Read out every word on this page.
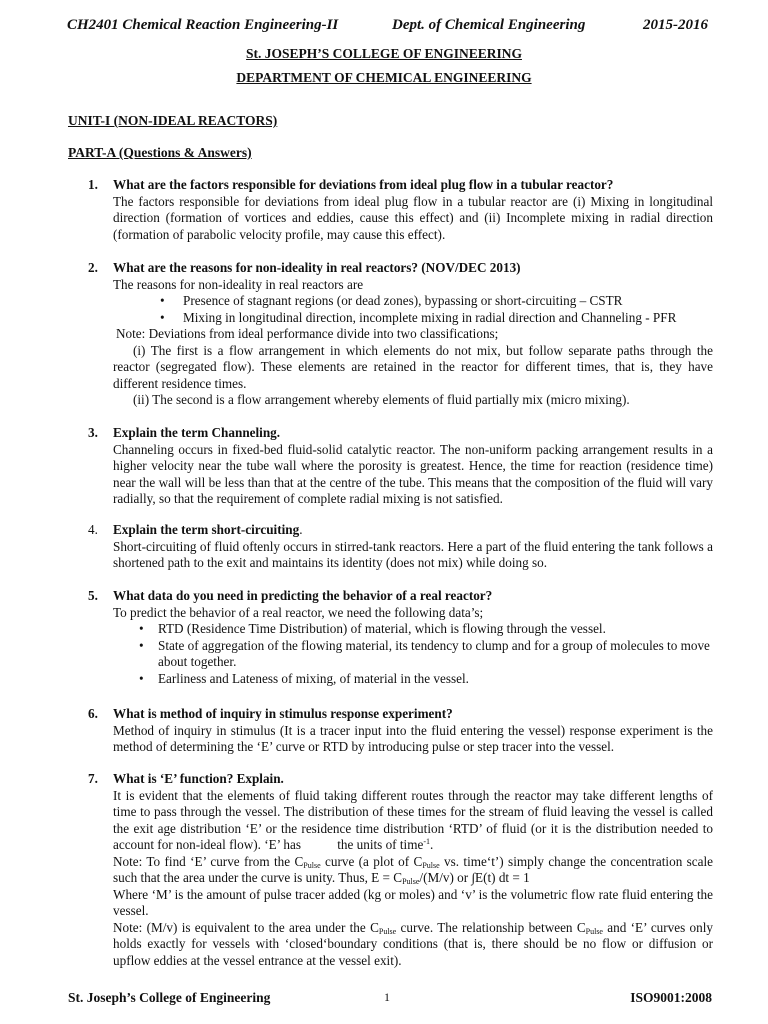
CH2401 Chemical Reaction Engineering-II	Dept. of Chemical Engineering	2015-2016
St. JOSEPH’S COLLEGE OF ENGINEERING
DEPARTMENT OF CHEMICAL ENGINEERING
UNIT-I (NON-IDEAL REACTORS)
PART-A (Questions & Answers)
1. What are the factors responsible for deviations from ideal plug flow in a tubular reactor?
The factors responsible for deviations from ideal plug flow in a tubular reactor are (i) Mixing in longitudinal direction (formation of vortices and eddies, cause this effect) and (ii) Incomplete mixing in radial direction (formation of parabolic velocity profile, may cause this effect).
2. What are the reasons for non-ideality in real reactors? (NOV/DEC 2013)
The reasons for non-ideality in real reactors are
• Presence of stagnant regions (or dead zones), bypassing or short-circuiting – CSTR
• Mixing in longitudinal direction, incomplete mixing in radial direction and Channeling - PFR
Note: Deviations from ideal performance divide into two classifications;
(i) The first is a flow arrangement in which elements do not mix, but follow separate paths through the reactor (segregated flow). These elements are retained in the reactor for different times, that is, they have different residence times.
(ii) The second is a flow arrangement whereby elements of fluid partially mix (micro mixing).
3. Explain the term Channeling.
Channeling occurs in fixed-bed fluid-solid catalytic reactor. The non-uniform packing arrangement results in a higher velocity near the tube wall where the porosity is greatest. Hence, the time for reaction (residence time) near the wall will be less than that at the centre of the tube. This means that the composition of the fluid will vary radially, so that the requirement of complete radial mixing is not satisfied.
4. Explain the term short-circuiting.
Short-circuiting of fluid oftenly occurs in stirred-tank reactors. Here a part of the fluid entering the tank follows a shortened path to the exit and maintains its identity (does not mix) while doing so.
5. What data do you need in predicting the behavior of a real reactor?
To predict the behavior of a real reactor, we need the following data’s;
• RTD (Residence Time Distribution) of material, which is flowing through the vessel.
• State of aggregation of the flowing material, its tendency to clump and for a group of molecules to move about together.
• Earliness and Lateness of mixing, of material in the vessel.
6. What is method of inquiry in stimulus response experiment?
Method of inquiry in stimulus (It is a tracer input into the fluid entering the vessel) response experiment is the method of determining the ‘E’ curve or RTD by introducing pulse or step tracer into the vessel.
7. What is ‘E’ function? Explain.
It is evident that the elements of fluid taking different routes through the reactor may take different lengths of time to pass through the vessel. The distribution of these times for the stream of fluid leaving the vessel is called the exit age distribution ‘E’ or the residence time distribution ‘RTD’ of fluid (or it is the distribution needed to account for non-ideal flow). ‘E’ has	the units of time$^{-1}$.
Note: To find ‘E’ curve from the $C_{Pulse}$ curve (a plot of $C_{Pulse}$ vs. time‘t’) simply change the concentration scale such that the area under the curve is unity. Thus, $E = C_{Pulse}/(M/v)$ or ∫E(t) dt = 1
Where ‘M’ is the amount of pulse tracer added (kg or moles) and ‘v’ is the volumetric flow rate fluid entering the vessel.
Note: (M/v) is equivalent to the area under the $C_{Pulse}$ curve. The relationship between $C_{Pulse}$ and ‘E’ curves only holds exactly for vessels with ‘closed‘boundary conditions (that is, there should be no flow or diffusion or upflow eddies at the vessel entrance at the vessel exit).
St. Joseph’s College of Engineering	1	ISO9001:2008
